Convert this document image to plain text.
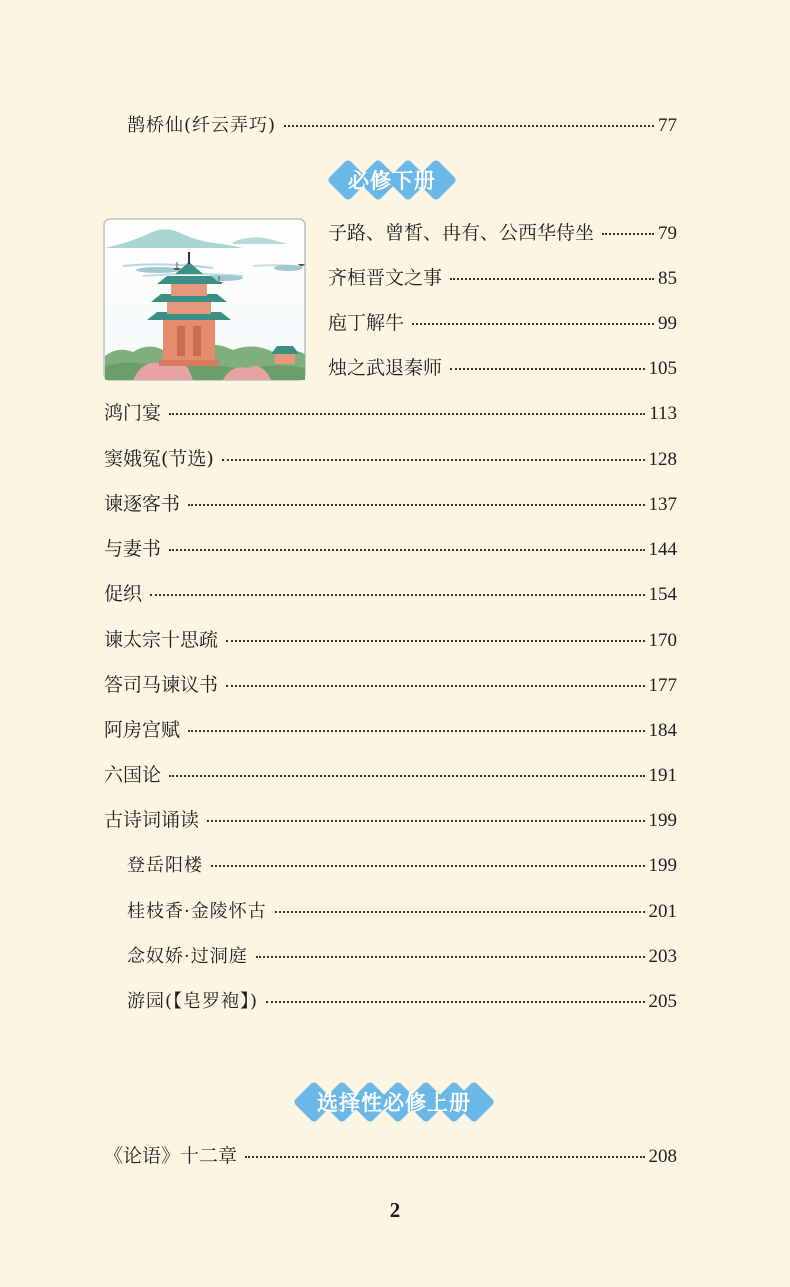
鹊桥仙(纤云弄巧)	77
必修下册
子路、曾皙、冉有、公西华侍坐	79
齐桓晋文之事	85
庖丁解牛	99
烛之武退秦师	105
鸿门宴	113
窦娥冤(节选)	128
谏逐客书	137
与妻书	144
促织	154
谏太宗十思疏	170
答司马谏议书	177
阿房宫赋	184
六国论	191
古诗词诵读	199
登岳阳楼	199
桂枝香·金陵怀古	201
念奴娇·过洞庭	203
游园(【皂罗袍】)	205
选择性必修上册
《论语》十二章	208
2
